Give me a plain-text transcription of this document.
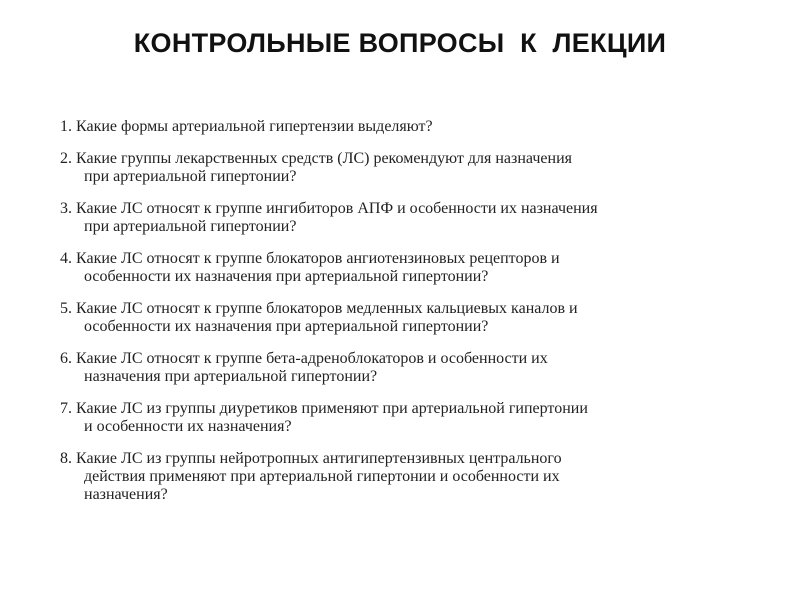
КОНТРОЛЬНЫЕ ВОПРОСЫ  К  ЛЕКЦИИ
1. Какие формы артериальной гипертензии выделяют?
2. Какие группы лекарственных средств (ЛС) рекомендуют для назначения
при артериальной гипертонии?
3. Какие ЛС относят к группе ингибиторов АПФ и особенности их назначения
при артериальной гипертонии?
4. Какие ЛС относят к группе блокаторов ангиотензиновых рецепторов и
особенности их назначения при артериальной гипертонии?
5. Какие ЛС относят к группе блокаторов медленных кальциевых каналов и
особенности их назначения при артериальной гипертонии?
6. Какие ЛС относят к группе бета-адреноблокаторов и особенности их
назначения при артериальной гипертонии?
7. Какие ЛС из группы диуретиков применяют при артериальной гипертонии
и особенности их назначения?
8. Какие ЛС из группы нейротропных антигипертензивных центрального
действия применяют при артериальной гипертонии и особенности их
назначения?
